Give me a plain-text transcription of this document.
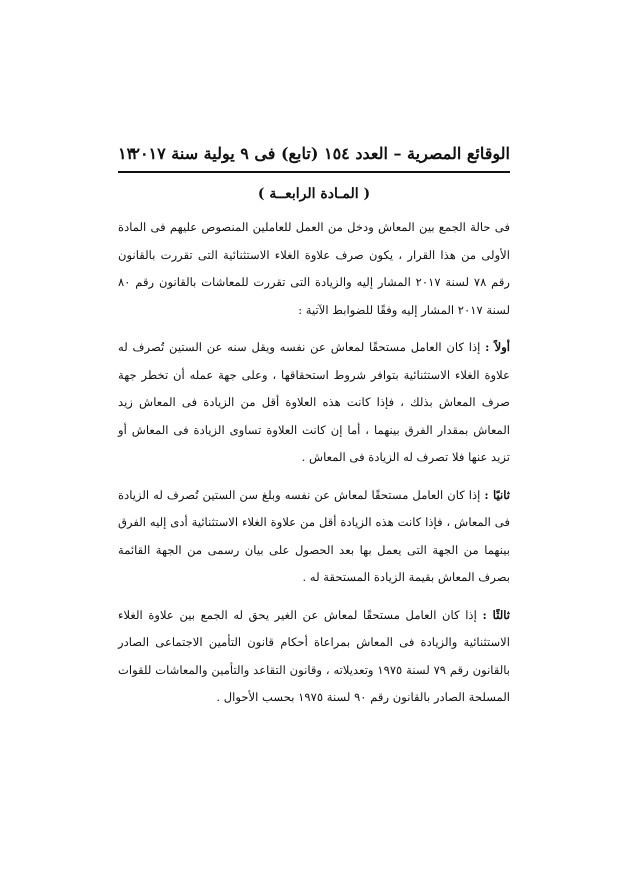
الوقائع المصرية – العدد ١٥٤ (تابع) فى ٩ يولية سنة ٢٠١٧
١٣
( المـادة الرابعــة )

فى حالة الجمع بين المعاش ودخل من العمل للعاملين المنصوص عليهم فى المادة الأولى من هذا القرار ، يكون صرف علاوة الغلاء الاستثنائية التى تقررت بالقانون رقم ٧٨ لسنة ٢٠١٧ المشار إليه والزيادة التى تقررت للمعاشات بالقانون رقم ٨٠ لسنة ٢٠١٧ المشار إليه وفقًا للضوابط الآتية :

أولاً : إذا كان العامل مستحقًا لمعاش عن نفسه ويقل سنه عن الستين تُصرف له علاوة الغلاء الاستثنائية بتوافر شروط استحقاقها ، وعلى جهة عمله أن تخطر جهة صرف المعاش بذلك ، فإذا كانت هذه العلاوة أقل من الزيادة فى المعاش زيد المعاش بمقدار الفرق بينهما ، أما إن كانت العلاوة تساوى الزيادة فى المعاش أو تزيد عنها فلا تصرف له الزيادة فى المعاش .

ثانيًا : إذا كان العامل مستحقًا لمعاش عن نفسه وبلغ سن الستين تُصرف له الزيادة فى المعاش ، فإذا كانت هذه الزيادة أقل من علاوة الغلاء الاستثنائية أدى إليه الفرق بينهما من الجهة التى يعمل بها بعد الحصول على بيان رسمى من الجهة القائمة بصرف المعاش بقيمة الزيادة المستحقة له .

ثالثًا : إذا كان العامل مستحقًا لمعاش عن الغير يحق له الجمع بين علاوة الغلاء الاستثنائية والزيادة فى المعاش بمراعاة أحكام قانون التأمين الاجتماعى الصادر بالقانون رقم ٧٩ لسنة ١٩٧٥ وتعديلاته ، وقانون التقاعد والتأمين والمعاشات للقوات المسلحة الصادر بالقانون رقم ٩٠ لسنة ١٩٧٥ بحسب الأحوال .
